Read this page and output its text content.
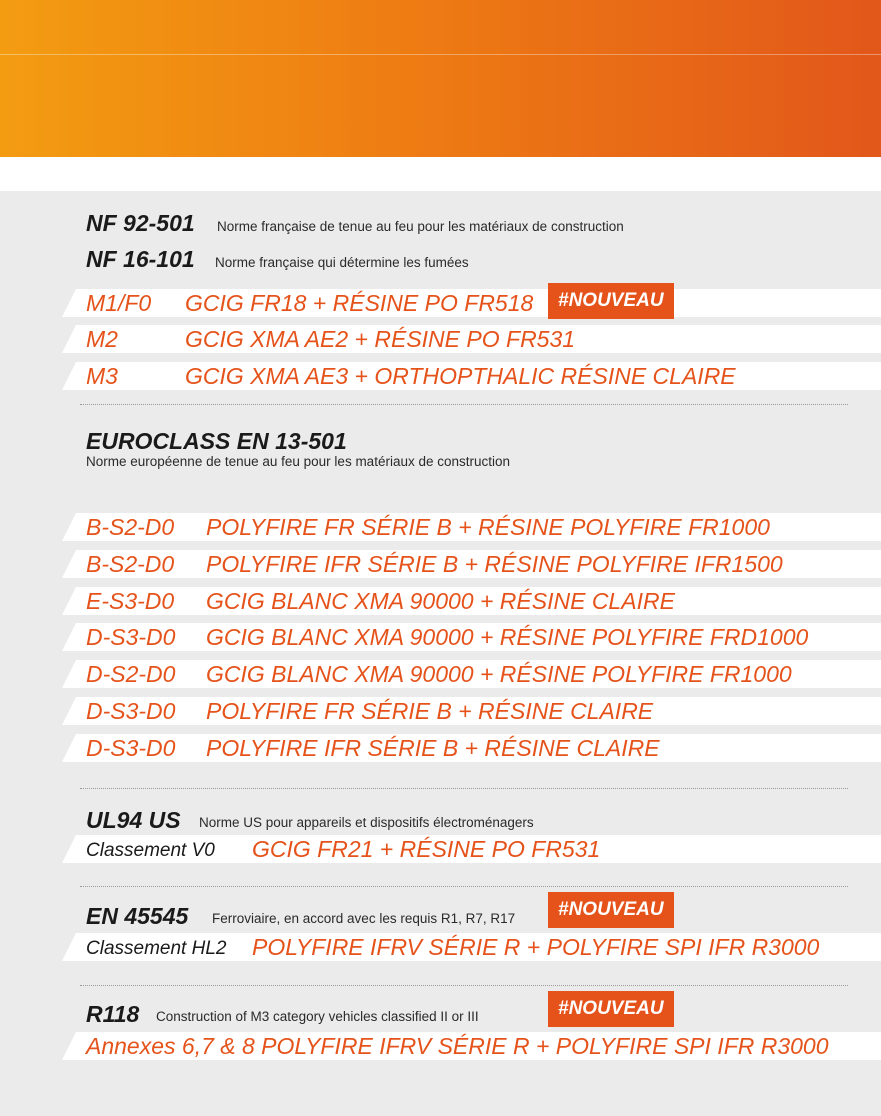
NF 92-501 Norme française de tenue au feu pour les matériaux de construction
NF 16-101 Norme française qui détermine les fumées
M1/F0 GCIG FR18 + RÉSINE PO FR518	#NOUVEAU
M2	GCIG XMA AE2 + RÉSINE PO FR531
M3	GCIG XMA AE3 + ORTHOPTHALIC RÉSINE CLAIRE
EUROCLASS EN 13-501
Norme européenne de tenue au feu pour les matériaux de construction
B-S2-D0 POLYFIRE FR SÉRIE B + RÉSINE POLYFIRE FR1000
B-S2-D0 POLYFIRE IFR SÉRIE B + RÉSINE POLYFIRE IFR1500
E-S3-D0 GCIG BLANC XMA 90000 + RÉSINE CLAIRE
D-S3-D0 GCIG BLANC XMA 90000 + RÉSINE POLYFIRE FRD1000
D-S2-D0 GCIG BLANC XMA 90000 + RÉSINE POLYFIRE FR1000
D-S3-D0 POLYFIRE FR SÉRIE B + RÉSINE CLAIRE
D-S3-D0 POLYFIRE IFR SÉRIE B + RÉSINE CLAIRE
UL94 US Norme US pour appareils et dispositifs électroménagers
Classement V0 GCIG FR21 + RÉSINE PO FR531
EN 45545 Ferroviaire, en accord avec les requis R1, R7, R17	#NOUVEAU
Classement HL2 POLYFIRE IFRV SÉRIE R + POLYFIRE SPI IFR R3000
R118 Construction of M3 category vehicles classified II or III	#NOUVEAU
Annexes 6,7 & 8 POLYFIRE IFRV SÉRIE R + POLYFIRE SPI IFR R3000
